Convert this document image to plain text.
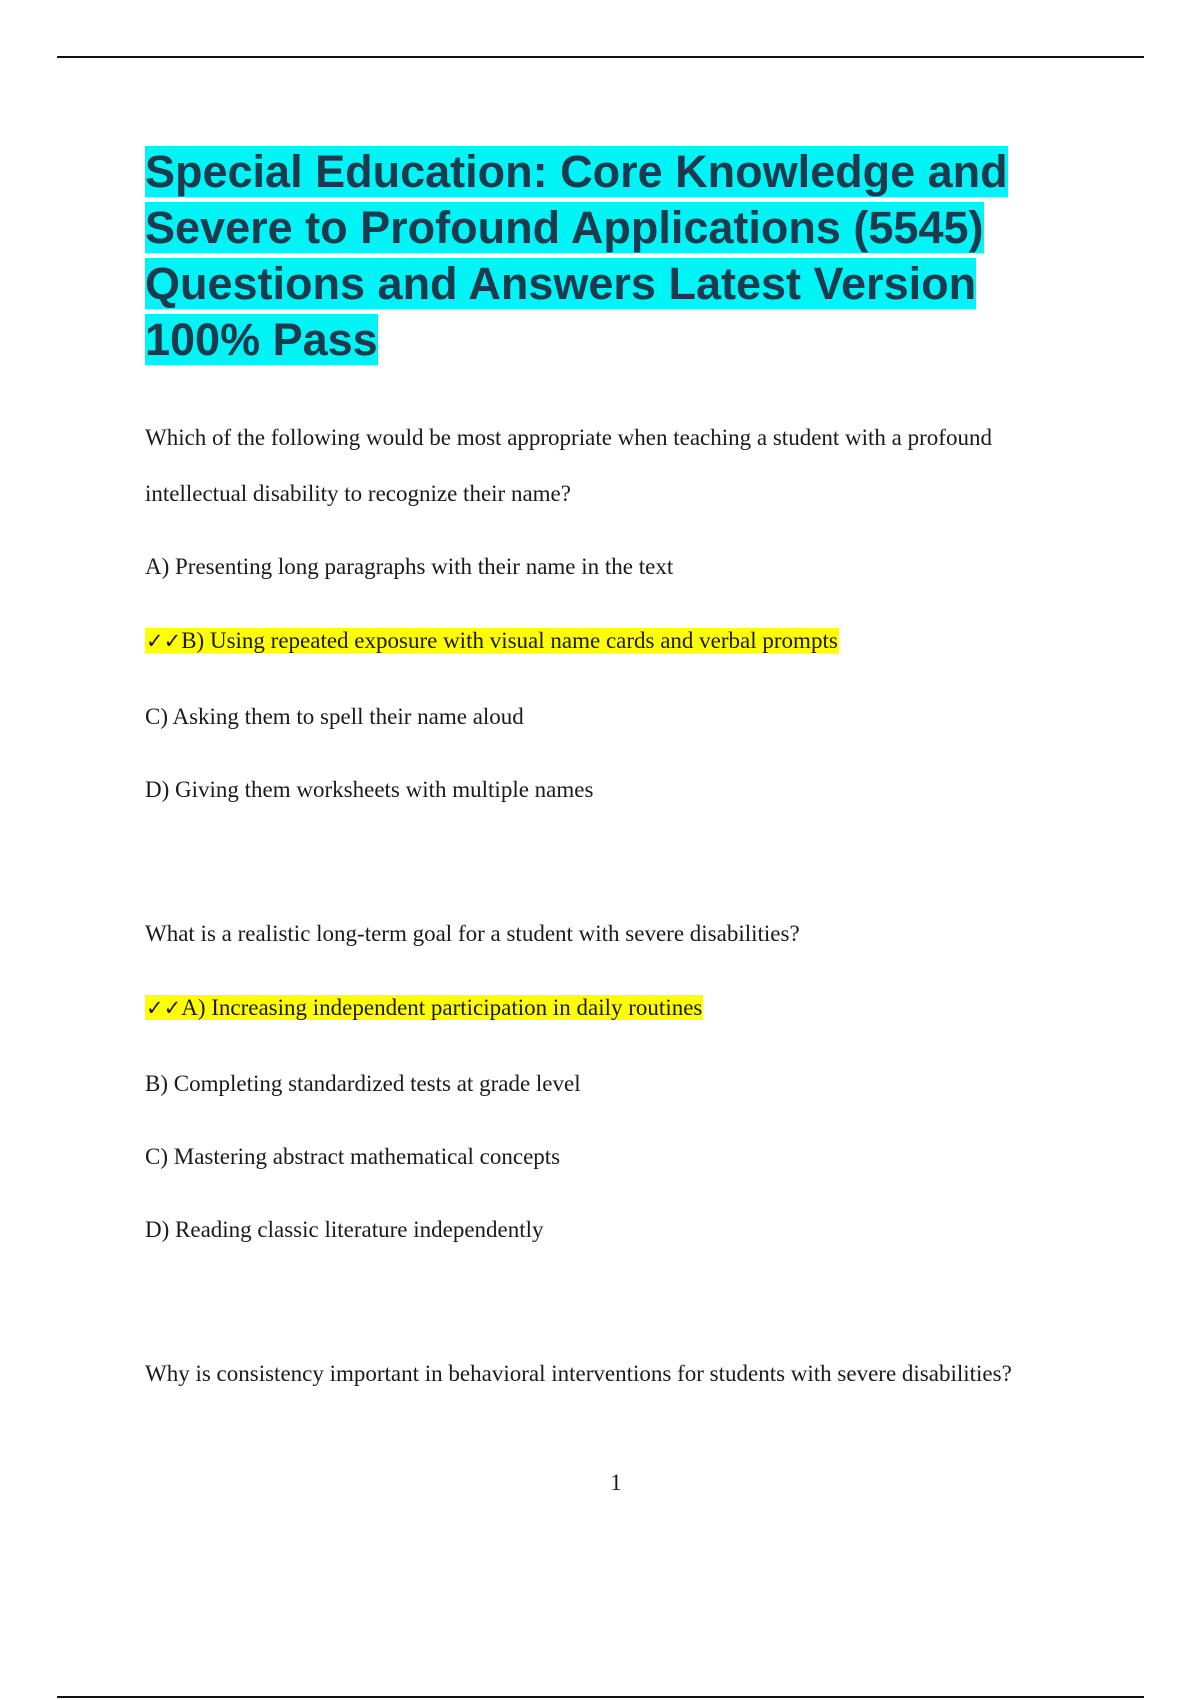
Special Education: Core Knowledge and
Severe to Profound Applications (5545)
Questions and Answers Latest Version
100% Pass

Which of the following would be most appropriate when teaching a student with a profound

intellectual disability to recognize their name?

A) Presenting long paragraphs with their name in the text

✓✓B) Using repeated exposure with visual name cards and verbal prompts

C) Asking them to spell their name aloud

D) Giving them worksheets with multiple names

What is a realistic long-term goal for a student with severe disabilities?

✓✓A) Increasing independent participation in daily routines

B) Completing standardized tests at grade level

C) Mastering abstract mathematical concepts

D) Reading classic literature independently

Why is consistency important in behavioral interventions for students with severe disabilities?

1
